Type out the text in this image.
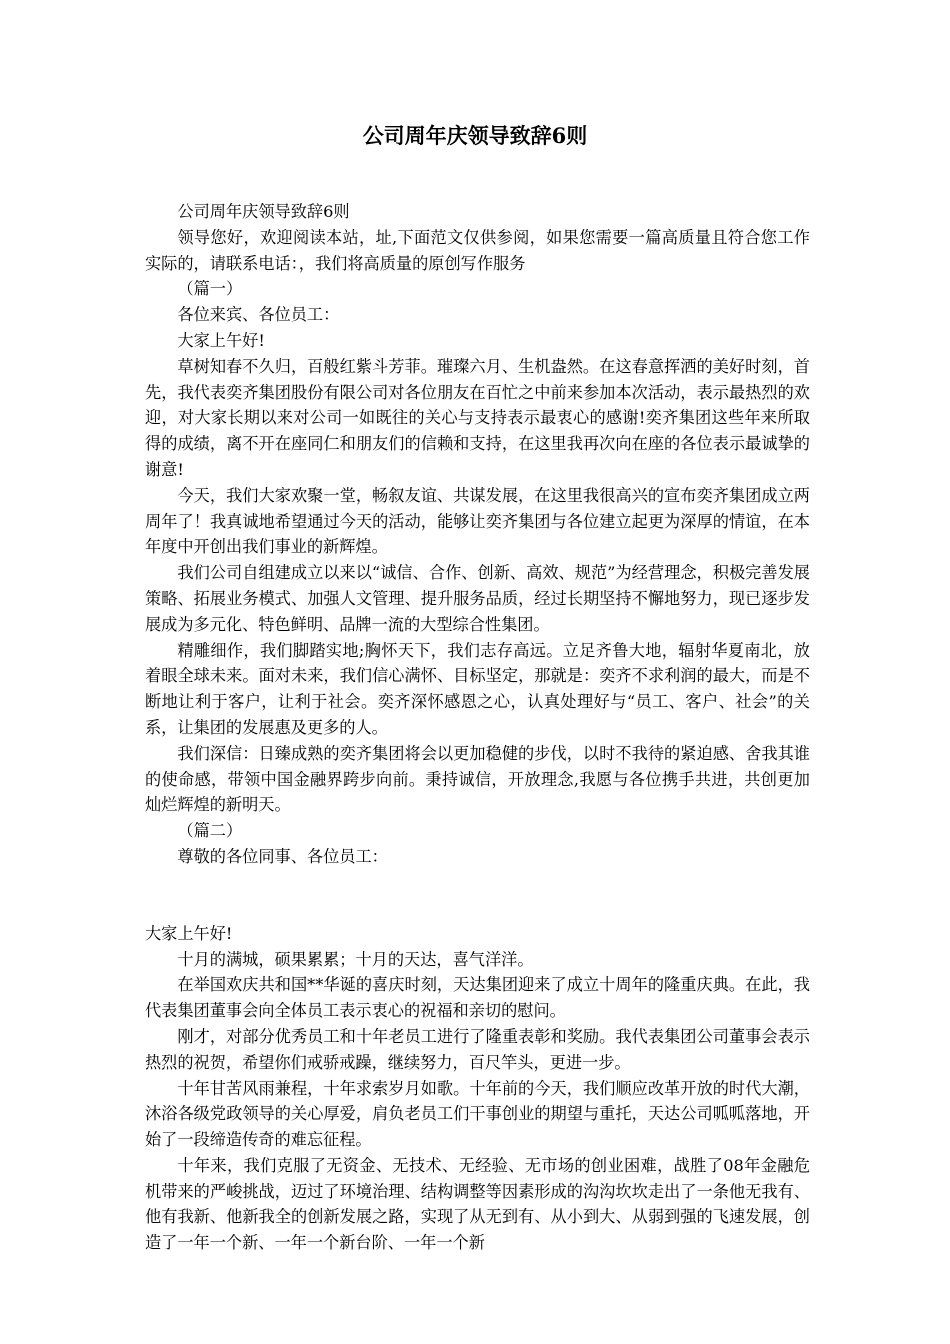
公司周年庆领导致辞6则

公司周年庆领导致辞6则

领导您好，欢迎阅读本站，址,下面范文仅供参阅，如果您需要一篇高质量且符合您工作实际的，请联系电话：，我们将高质量的原创写作服务

（篇一）

各位来宾、各位员工：

大家上午好!

草树知春不久归，百般红紫斗芳菲。璀璨六月、生机盎然。在这春意挥洒的美好时刻，首先，我代表奕齐集团股份有限公司对各位朋友在百忙之中前来参加本次活动，表示最热烈的欢迎，对大家长期以来对公司一如既往的关心与支持表示最衷心的感谢!奕齐集团这些年来所取得的成绩，离不开在座同仁和朋友们的信赖和支持，在这里我再次向在座的各位表示最诚挚的谢意!

今天，我们大家欢聚一堂，畅叙友谊、共谋发展，在这里我很高兴的宣布奕齐集团成立两周年了！我真诚地希望通过今天的活动，能够让奕齐集团与各位建立起更为深厚的情谊，在本年度中开创出我们事业的新辉煌。

我们公司自组建成立以来以“诚信、合作、创新、高效、规范”为经营理念，积极完善发展策略、拓展业务模式、加强人文管理、提升服务品质，经过长期坚持不懈地努力，现已逐步发展成为多元化、特色鲜明、品牌一流的大型综合性集团。

精雕细作，我们脚踏实地;胸怀天下，我们志存高远。立足齐鲁大地，辐射华夏南北，放着眼全球未来。面对未来，我们信心满怀、目标坚定，那就是：奕齐不求利润的最大，而是不断地让利于客户，让利于社会。奕齐深怀感恩之心，认真处理好与“员工、客户、社会”的关系，让集团的发展惠及更多的人。

我们深信：日臻成熟的奕齐集团将会以更加稳健的步伐，以时不我待的紧迫感、舍我其谁的使命感，带领中国金融界跨步向前。秉持诚信，开放理念,我愿与各位携手共进，共创更加灿烂辉煌的新明天。

（篇二）

尊敬的各位同事、各位员工：

大家上午好!

十月的满城，硕果累累；十月的天达，喜气洋洋。

在举国欢庆共和国**华诞的喜庆时刻，天达集团迎来了成立十周年的隆重庆典。在此，我代表集团董事会向全体员工表示衷心的祝福和亲切的慰问。

刚才，对部分优秀员工和十年老员工进行了隆重表彰和奖励。我代表集团公司董事会表示热烈的祝贺，希望你们戒骄戒躁，继续努力，百尺竿头，更进一步。

十年甘苦风雨兼程，十年求索岁月如歌。十年前的今天，我们顺应改革开放的时代大潮，沐浴各级党政领导的关心厚爱，肩负老员工们干事创业的期望与重托，天达公司呱呱落地，开始了一段缔造传奇的难忘征程。

十年来，我们克服了无资金、无技术、无经验、无市场的创业困难，战胜了08年金融危机带来的严峻挑战，迈过了环境治理、结构调整等因素形成的沟沟坎坎走出了一条他无我有、他有我新、他新我全的创新发展之路，实现了从无到有、从小到大、从弱到强的飞速发展，创造了一年一个新、一年一个新台阶、一年一个新
